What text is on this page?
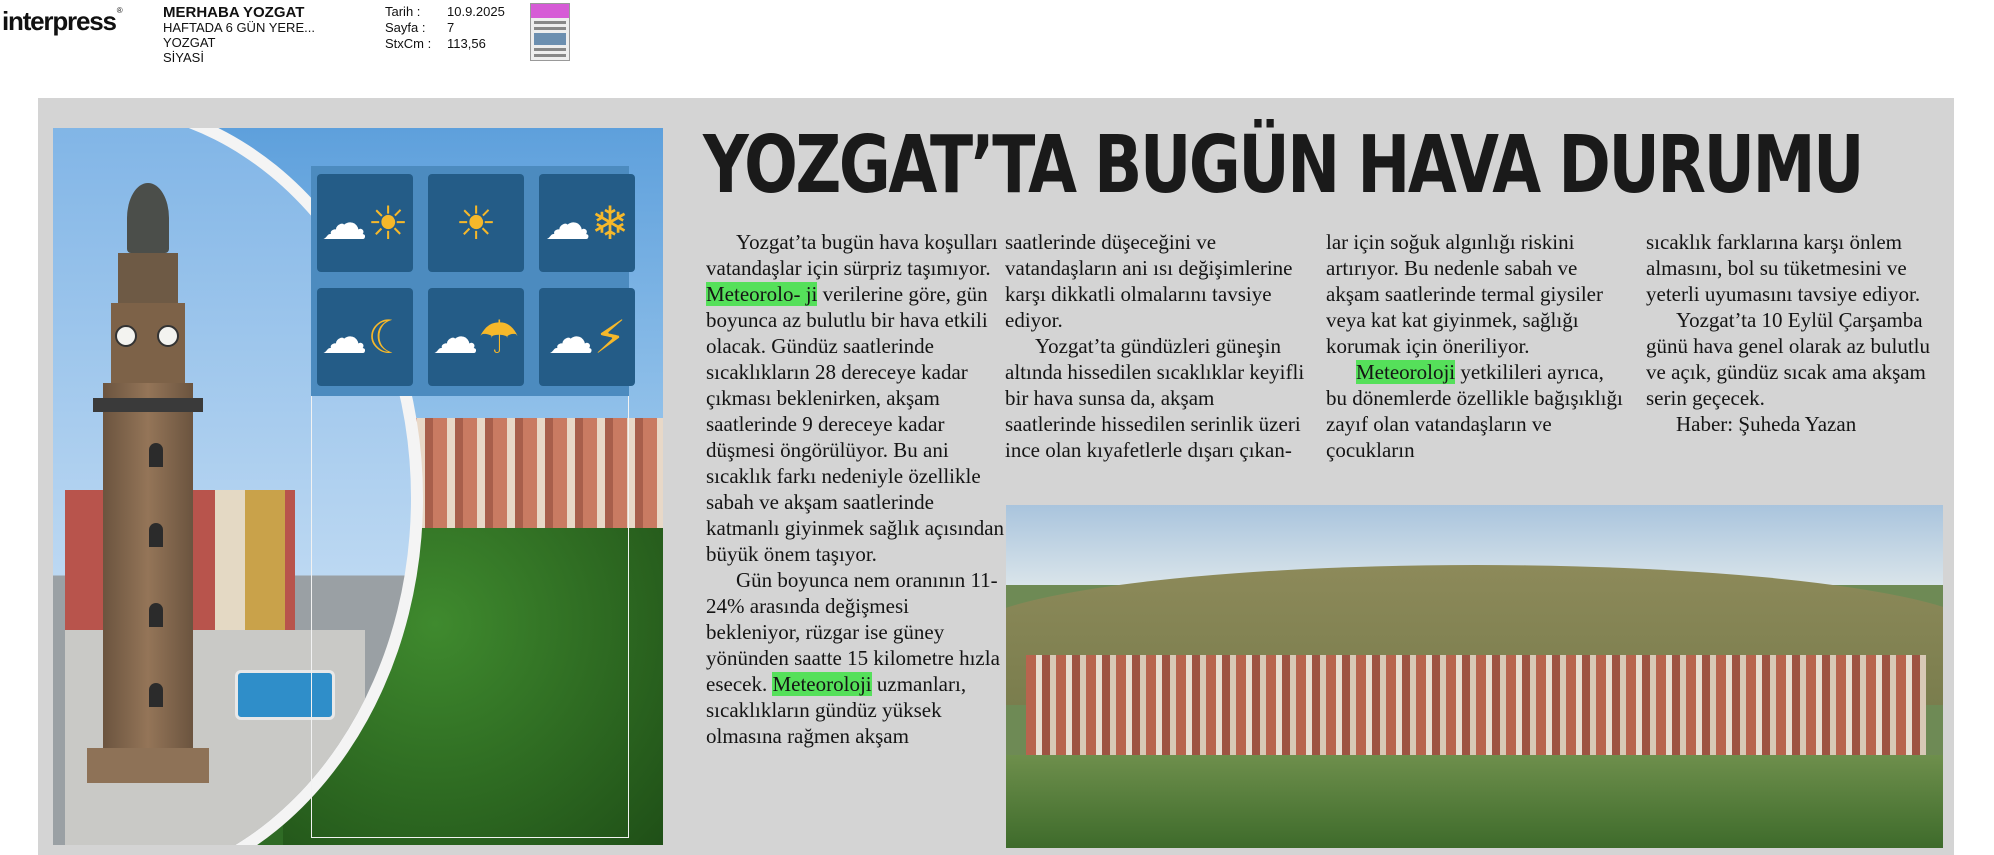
interpress®	MERHABA YOZGAT
HAFTADA 6 GÜN YERE...
YOZGAT
SİYASİ
Tarih :	10.9.2025
Sayfa :	7
StxCm :	113,56
☁ ☀ ☀ ☁ ❄
☁ ☾ ☁ ☂ ☁ ⚡
YOZGAT’TA BUGÜN HAVA DURUMU

Yozgat’ta bugün hava koşulları vatandaşlar için sürpriz taşımıyor. Meteorolo- ji verilerine göre, gün boyunca az bulutlu bir hava etkili olacak. Gündüz saatlerinde sıcaklıkların 28 dereceye kadar çıkması beklenirken, akşam saatlerinde 9 dereceye kadar düşmesi öngörülüyor. Bu ani sıcaklık farkı nedeniyle özellikle sabah ve akşam saatlerinde katmanlı giyinmek sağlık açısından büyük önem taşıyor.

Gün boyunca nem oranının 11-24% arasında değişmesi bekleniyor, rüzgar ise güney yönünden saatte 15 kilometre hızla esecek. Meteoroloji uzmanları, sıcaklıkların gündüz yüksek olmasına rağmen akşam

saatlerinde düşeceğini ve vatandaşların ani ısı değişimlerine karşı dikkatli olmalarını tavsiye ediyor.

Yozgat’ta gündüzleri güneşin altında hissedilen sıcaklıklar keyifli bir hava sunsa da, akşam saatlerinde hissedilen serinlik üzeri ince olan kıyafetlerle dışarı çıkan-

lar için soğuk algınlığı riskini artırıyor. Bu nedenle sabah ve akşam saatlerinde termal giysiler veya kat kat giyinmek, sağlığı korumak için öneriliyor.

Meteoroloji yetkilileri ayrıca, bu dönemlerde özellikle bağışıklığı zayıf olan vatandaşların ve çocukların

sıcaklık farklarına karşı önlem almasını, bol su tüketmesini ve yeterli uyumasını tavsiye ediyor.

Yozgat’ta 10 Eylül Çarşamba günü hava genel olarak az bulutlu ve açık, gündüz sıcak ama akşam serin geçecek.

Haber: Şuheda Yazan
